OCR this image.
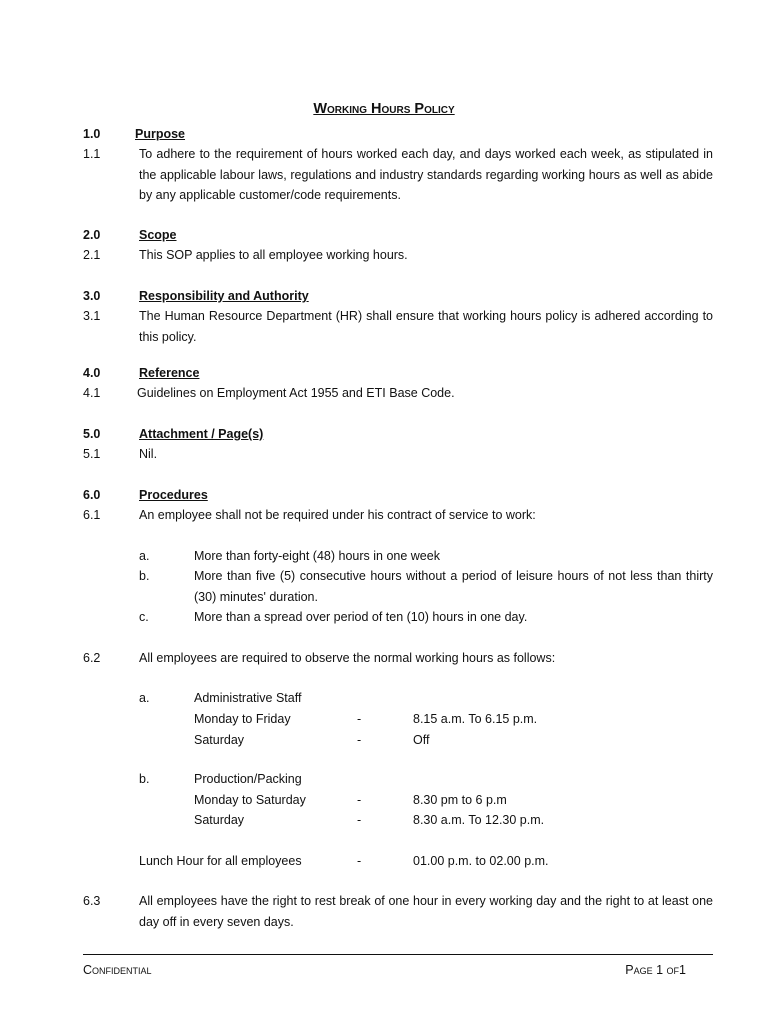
Working Hours Policy
1.0	Purpose
1.1	To adhere to the requirement of hours worked each day, and days worked each week, as stipulated in the applicable labour laws, regulations and industry standards regarding working hours as well as abide by any applicable customer/code requirements.
2.0	Scope
2.1	This SOP applies to all employee working hours.
3.0	Responsibility and Authority
3.1	The Human Resource Department (HR) shall ensure that working hours policy is adhered according to this policy.
4.0	Reference
4.1	Guidelines on Employment Act 1955 and ETI Base Code.
5.0	Attachment / Page(s)
5.1	Nil.
6.0	Procedures
6.1	An employee shall not be required under his contract of service to work:
a.	More than forty-eight (48) hours in one week
b.	More than five (5) consecutive hours without a period of leisure hours of not less than thirty (30) minutes' duration.
c.	More than a spread over period of ten (10) hours in one day.
6.2	All employees are required to observe the normal working hours as follows:
a.	Administrative Staff
Monday to Friday	-	8.15 a.m. To 6.15 p.m.
Saturday	-	Off
b.	Production/Packing
Monday to Saturday	-	8.30 pm to 6 p.m
Saturday	-	8.30 a.m. To 12.30 p.m.
Lunch Hour for all employees	-	01.00 p.m. to 02.00 p.m.
6.3	All employees have the right to rest break of one hour in every working day and the right to at least one day off in every seven days.
Confidential	Page 1 of1
